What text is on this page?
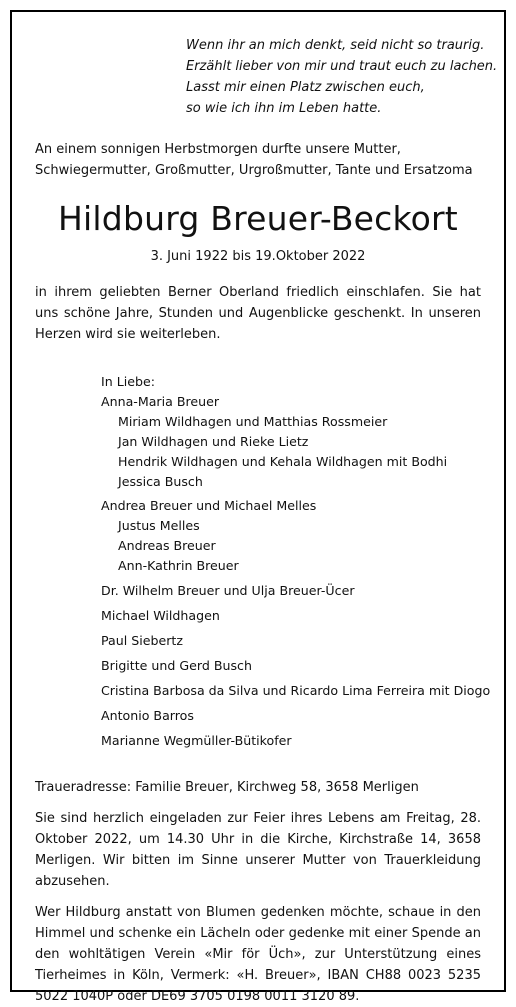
Wenn ihr an mich denkt, seid nicht so traurig.
Erzählt lieber von mir und traut euch zu lachen.
Lasst mir einen Platz zwischen euch,
so wie ich ihn im Leben hatte.
An einem sonnigen Herbstmorgen durfte unsere Mutter, Schwiegermutter, Großmutter, Urgroßmutter, Tante und Ersatzoma
Hildburg Breuer-Beckort
3. Juni 1922 bis 19.Oktober 2022
in ihrem geliebten Berner Oberland friedlich einschlafen. Sie hat uns schöne Jahre, Stunden und Augenblicke geschenkt. In unseren Herzen wird sie weiterleben.
In Liebe:
Anna-Maria Breuer
Miriam Wildhagen und Matthias Rossmeier
Jan Wildhagen und Rieke Lietz
Hendrik Wildhagen und Kehala Wildhagen mit Bodhi
Jessica Busch
Andrea Breuer und Michael Melles
Justus Melles
Andreas Breuer
Ann-Kathrin Breuer
Dr. Wilhelm Breuer und Ulja Breuer-Ücer
Michael Wildhagen
Paul Siebertz
Brigitte und Gerd Busch
Cristina Barbosa da Silva und Ricardo Lima Ferreira mit Diogo
Antonio Barros
Marianne Wegmüller-Bütikofer

Traueradresse: Familie Breuer, Kirchweg 58, 3658 Merligen

Sie sind herzlich eingeladen zur Feier ihres Lebens am Freitag, 28. Oktober 2022, um 14.30 Uhr in die Kirche, Kirchstraße 14, 3658 Merligen. Wir bitten im Sinne unserer Mutter von Trauerkleidung abzusehen.

Wer Hildburg anstatt von Blumen gedenken möchte, schaue in den Himmel und schenke ein Lächeln oder gedenke mit einer Spende an den wohltätigen Verein «Mir för Üch», zur Unterstützung eines Tierheimes in Köln, Vermerk: «H. Breuer», IBAN CH88 0023 5235 5022 1040P oder DE69 3705 0198 0011 3120 89.
